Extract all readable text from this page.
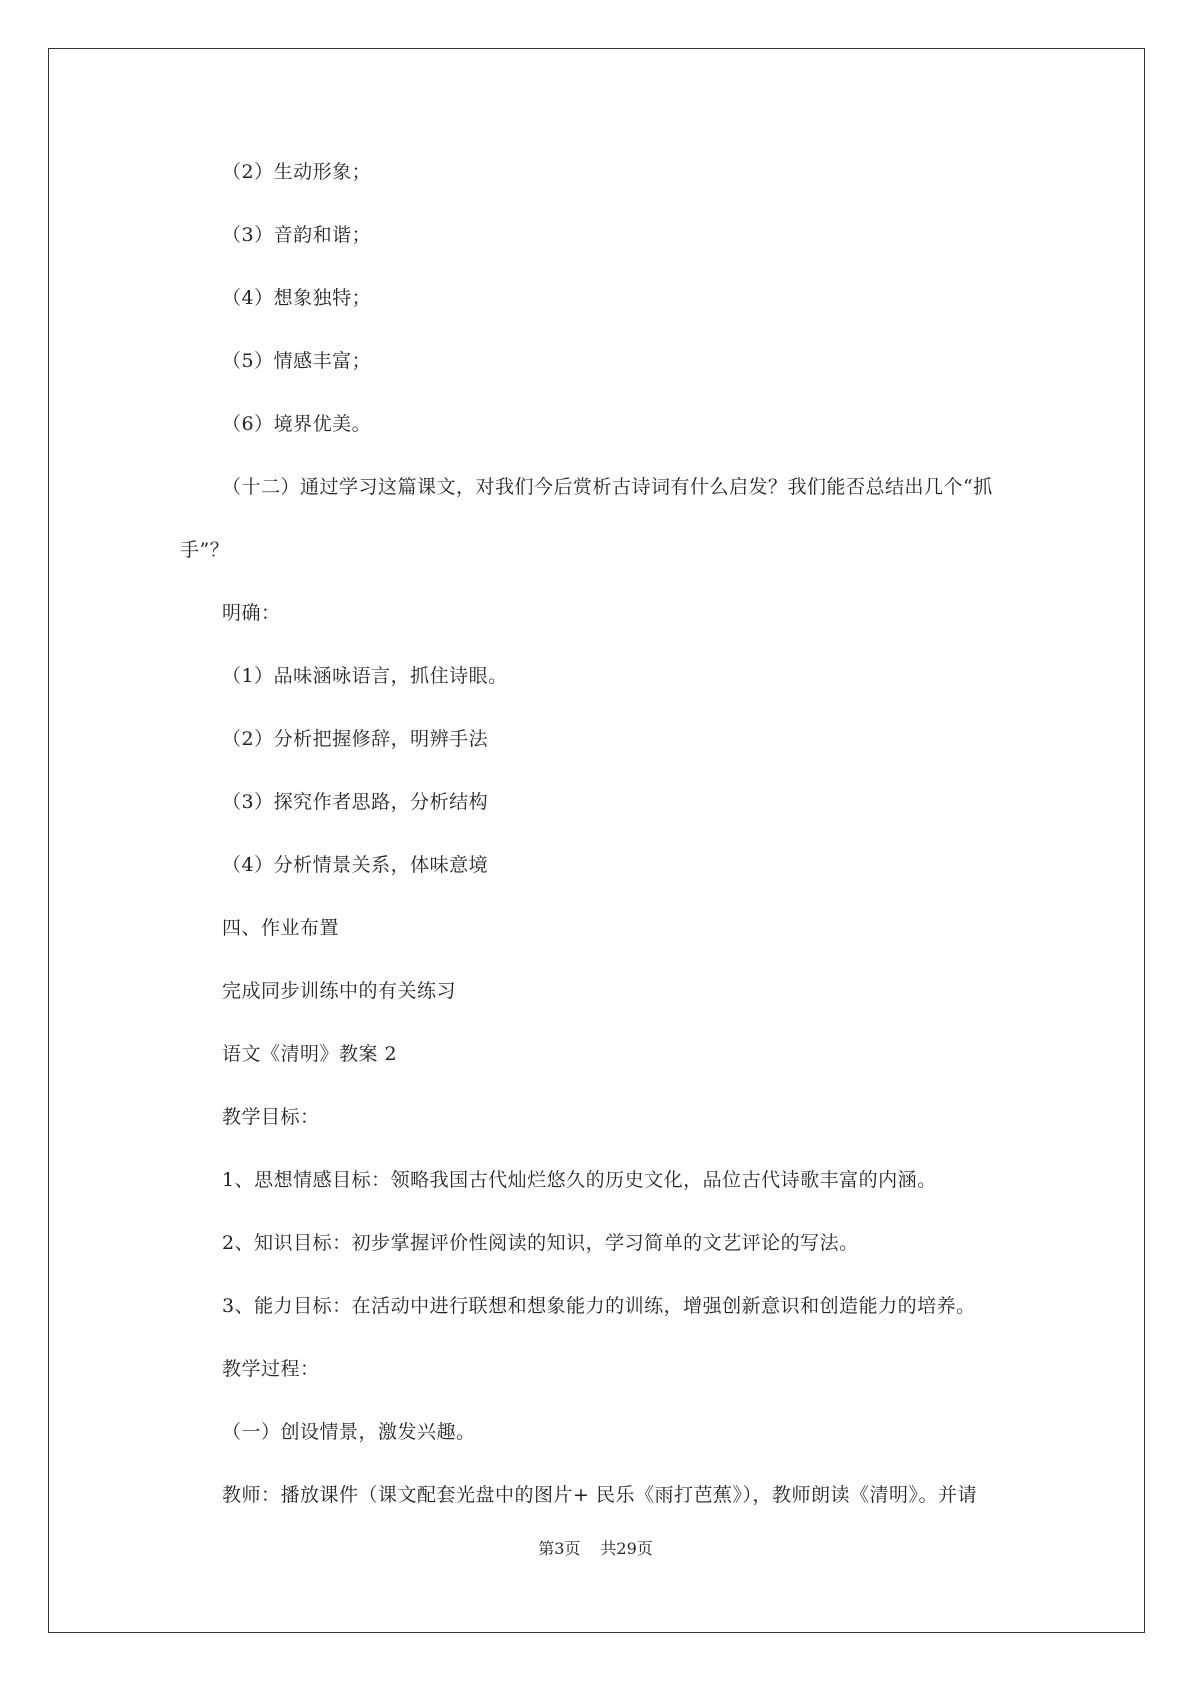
（2）生动形象；
（3）音韵和谐；
（4）想象独特；
（5）情感丰富；
（6）境界优美。
（十二）通过学习这篇课文，对我们今后赏析古诗词有什么启发？我们能否总结出几个“抓
手”？
明确：
（1）品味涵咏语言，抓住诗眼。
（2）分析把握修辞，明辨手法
（3）探究作者思路，分析结构
（4）分析情景关系，体味意境
四、作业布置
完成同步训练中的有关练习
语文《清明》教案 2
教学目标：
1、思想情感目标：领略我国古代灿烂悠久的历史文化，品位古代诗歌丰富的内涵。
2、知识目标：初步掌握评价性阅读的知识，学习简单的文艺评论的写法。
3、能力目标：在活动中进行联想和想象能力的训练，增强创新意识和创造能力的培养。
教学过程：
（一）创设情景，激发兴趣。
教师：播放课件（课文配套光盘中的图片+ 民乐《雨打芭蕉》），教师朗读《清明》。并请
第3页 共29页
